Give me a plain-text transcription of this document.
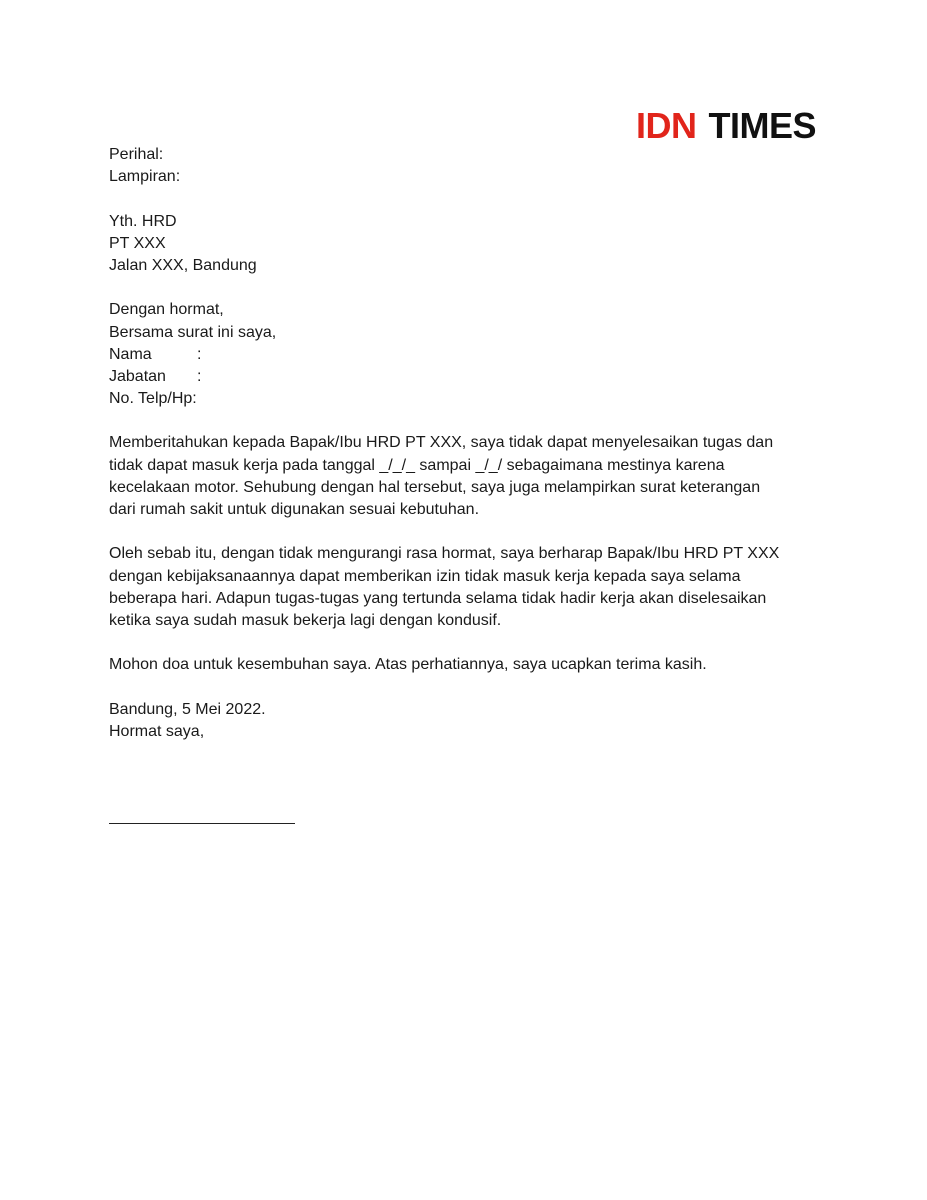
IDN TIMES
Perihal:
Lampiran:
Yth. HRD
PT XXX
Jalan XXX, Bandung
Dengan hormat,
Bersama surat ini saya,
Nama	:
Jabatan	:
No. Telp/Hp:
Memberitahukan kepada Bapak/Ibu HRD PT XXX, saya tidak dapat menyelesaikan tugas dan
tidak dapat masuk kerja pada tanggal _/_/_ sampai _/_/ sebagaimana mestinya karena
kecelakaan motor. Sehubung dengan hal tersebut, saya juga melampirkan surat keterangan
dari rumah sakit untuk digunakan sesuai kebutuhan.
Oleh sebab itu, dengan tidak mengurangi rasa hormat, saya berharap Bapak/Ibu HRD PT XXX
dengan kebijaksanaannya dapat memberikan izin tidak masuk kerja kepada saya selama
beberapa hari. Adapun tugas-tugas yang tertunda selama tidak hadir kerja akan diselesaikan
ketika saya sudah masuk bekerja lagi dengan kondusif.
Mohon doa untuk kesembuhan saya. Atas perhatiannya, saya ucapkan terima kasih.
Bandung, 5 Mei 2022.
Hormat saya,
